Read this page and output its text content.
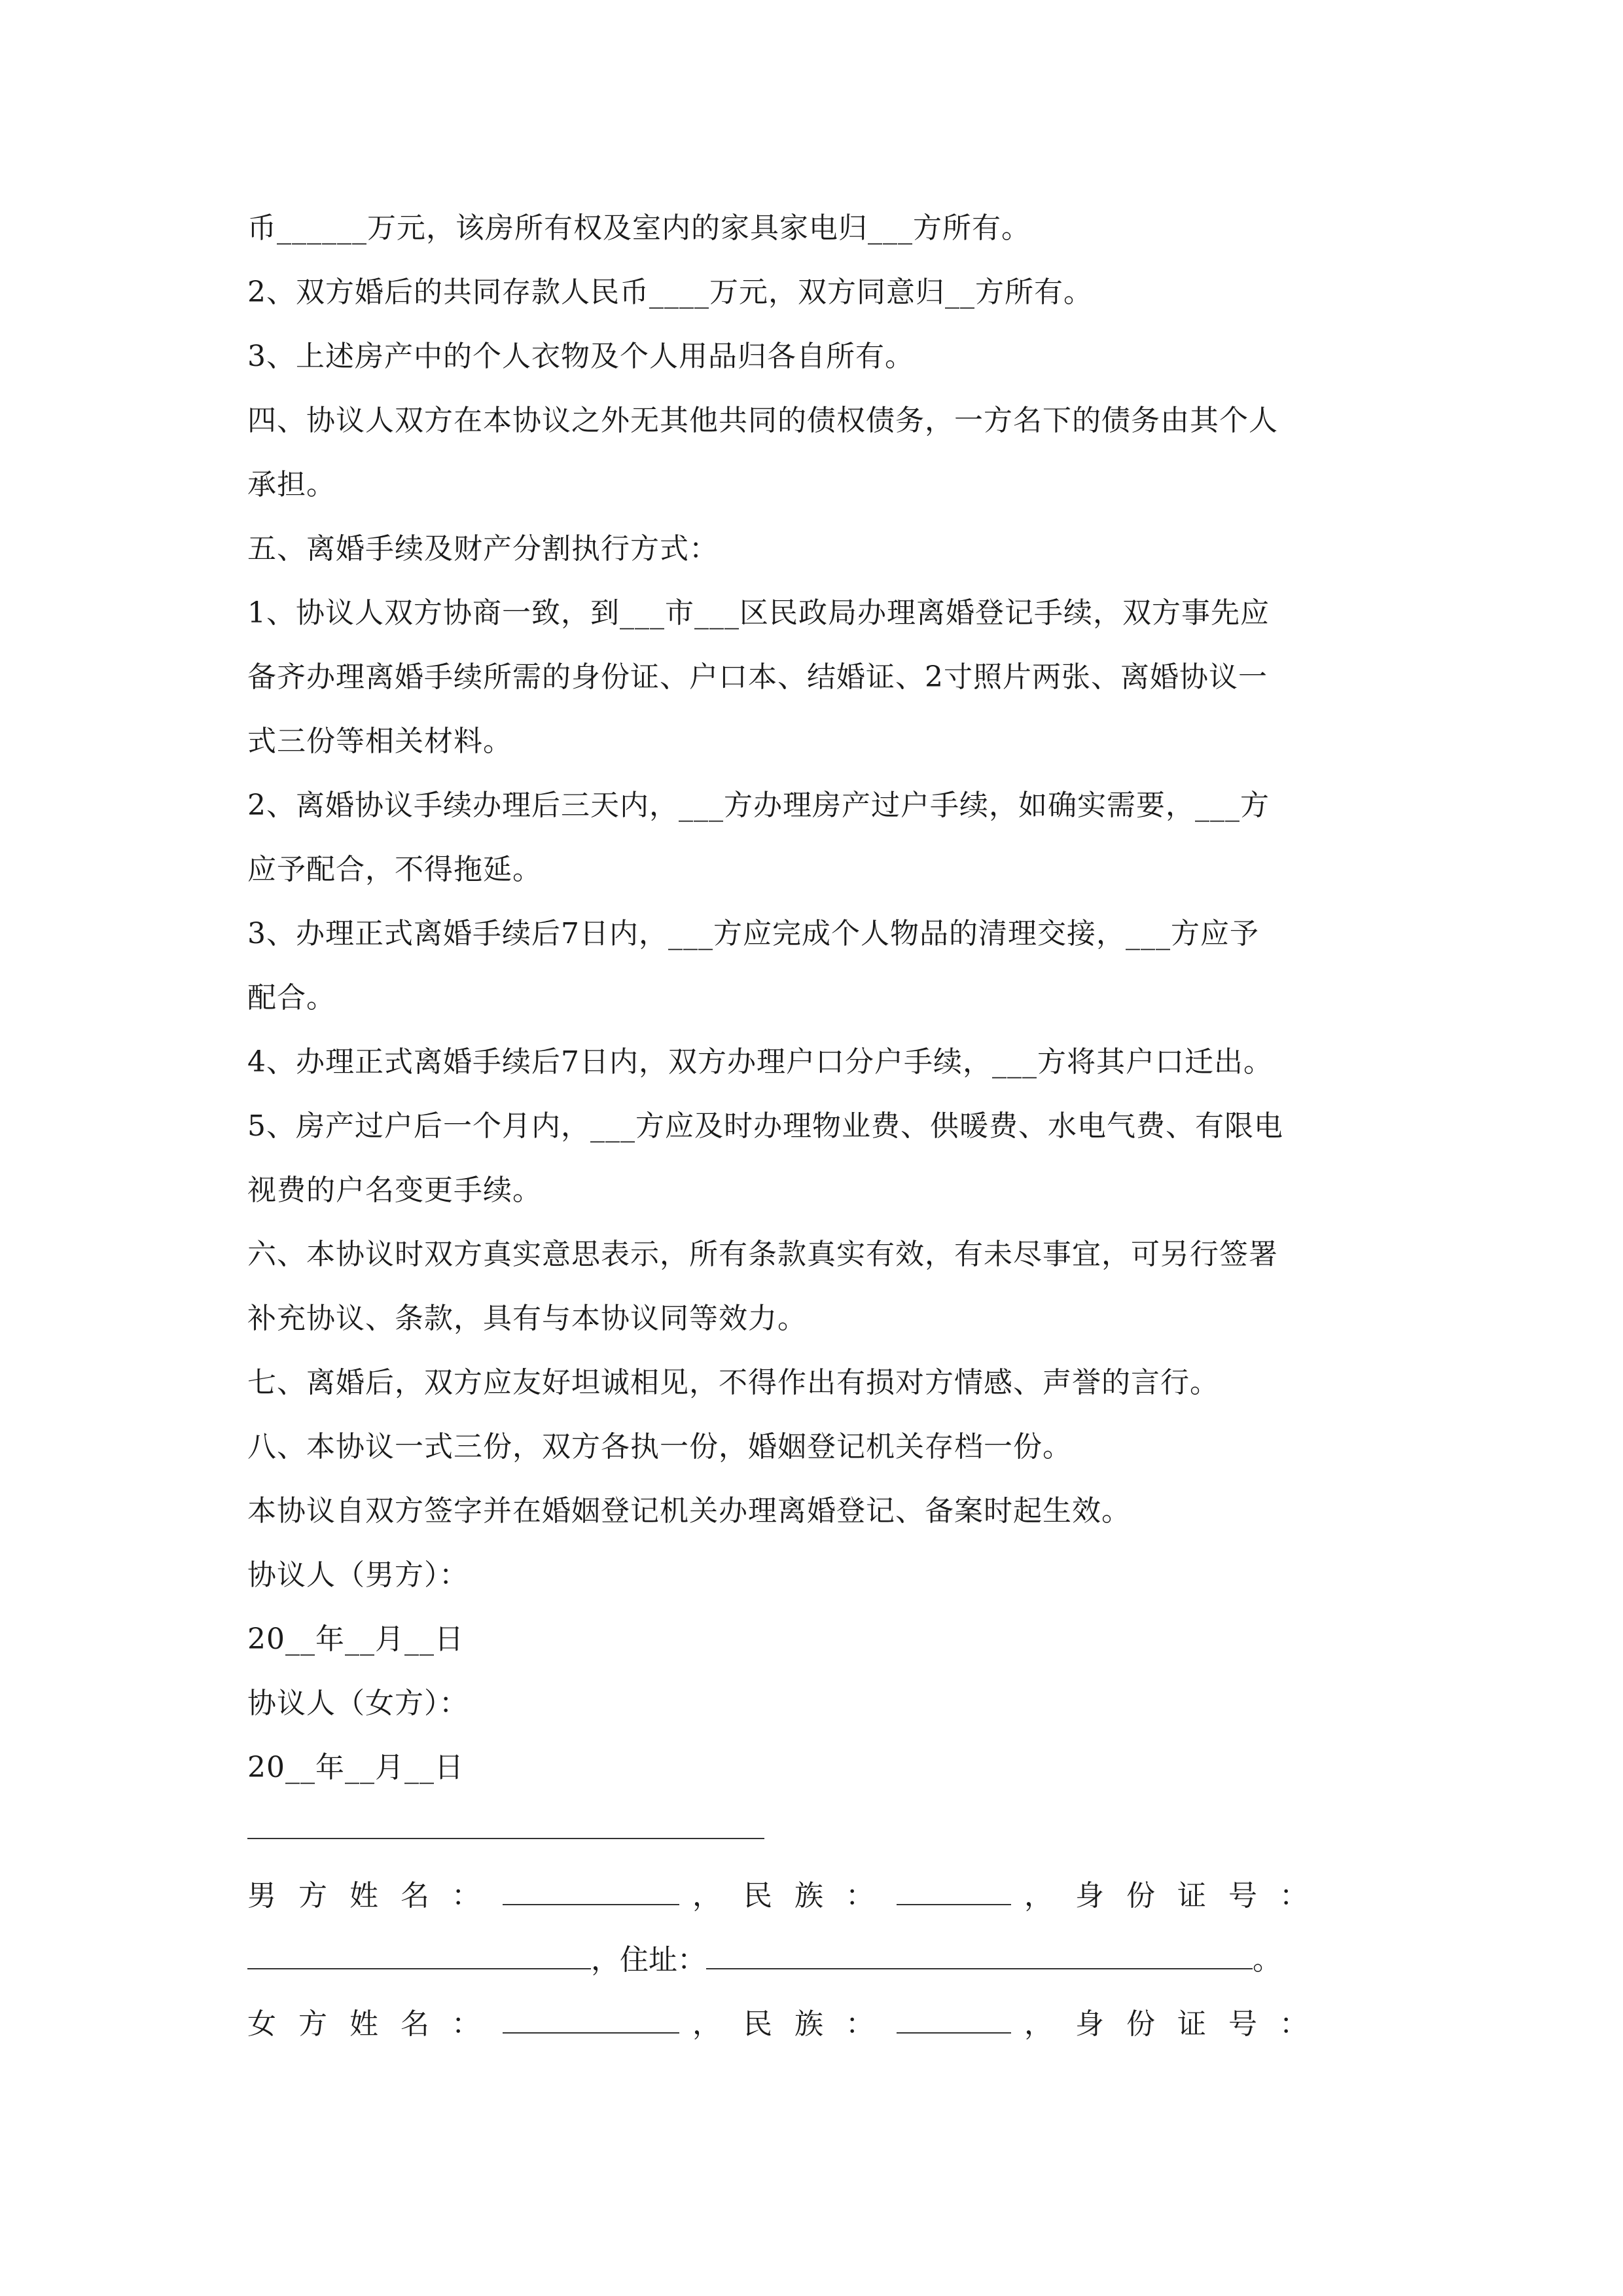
币______万元，该房所有权及室内的家具家电归___方所有。
2、双方婚后的共同存款人民币____万元，双方同意归__方所有。
3、上述房产中的个人衣物及个人用品归各自所有。
四、协议人双方在本协议之外无其他共同的债权债务，一方名下的债务由其个人
承担。
五、离婚手续及财产分割执行方式：
1、协议人双方协商一致，到___市___区民政局办理离婚登记手续，双方事先应
备齐办理离婚手续所需的身份证、户口本、结婚证、2寸照片两张、离婚协议一
式三份等相关材料。
2、离婚协议手续办理后三天内，___方办理房产过户手续，如确实需要，___方
应予配合，不得拖延。
3、办理正式离婚手续后7日内，___方应完成个人物品的清理交接，___方应予
配合。
4、办理正式离婚手续后7日内，双方办理户口分户手续，___方将其户口迁出。
5、房产过户后一个月内，___方应及时办理物业费、供暖费、水电气费、有限电
视费的户名变更手续。
六、本协议时双方真实意思表示，所有条款真实有效，有未尽事宜，可另行签署
补充协议、条款，具有与本协议同等效力。
七、离婚后，双方应友好坦诚相见，不得作出有损对方情感、声誉的言行。
八、本协议一式三份，双方各执一份，婚姻登记机关存档一份。
本协议自双方签字并在婚姻登记机关办理离婚登记、备案时起生效。
协议人（男方）：
20__年__月__日
协议人（女方）：
20__年__月__日
男方姓名：	，民族：	，身份证号：
，住址：	。
女方姓名：	，民族：	，身份证号：
